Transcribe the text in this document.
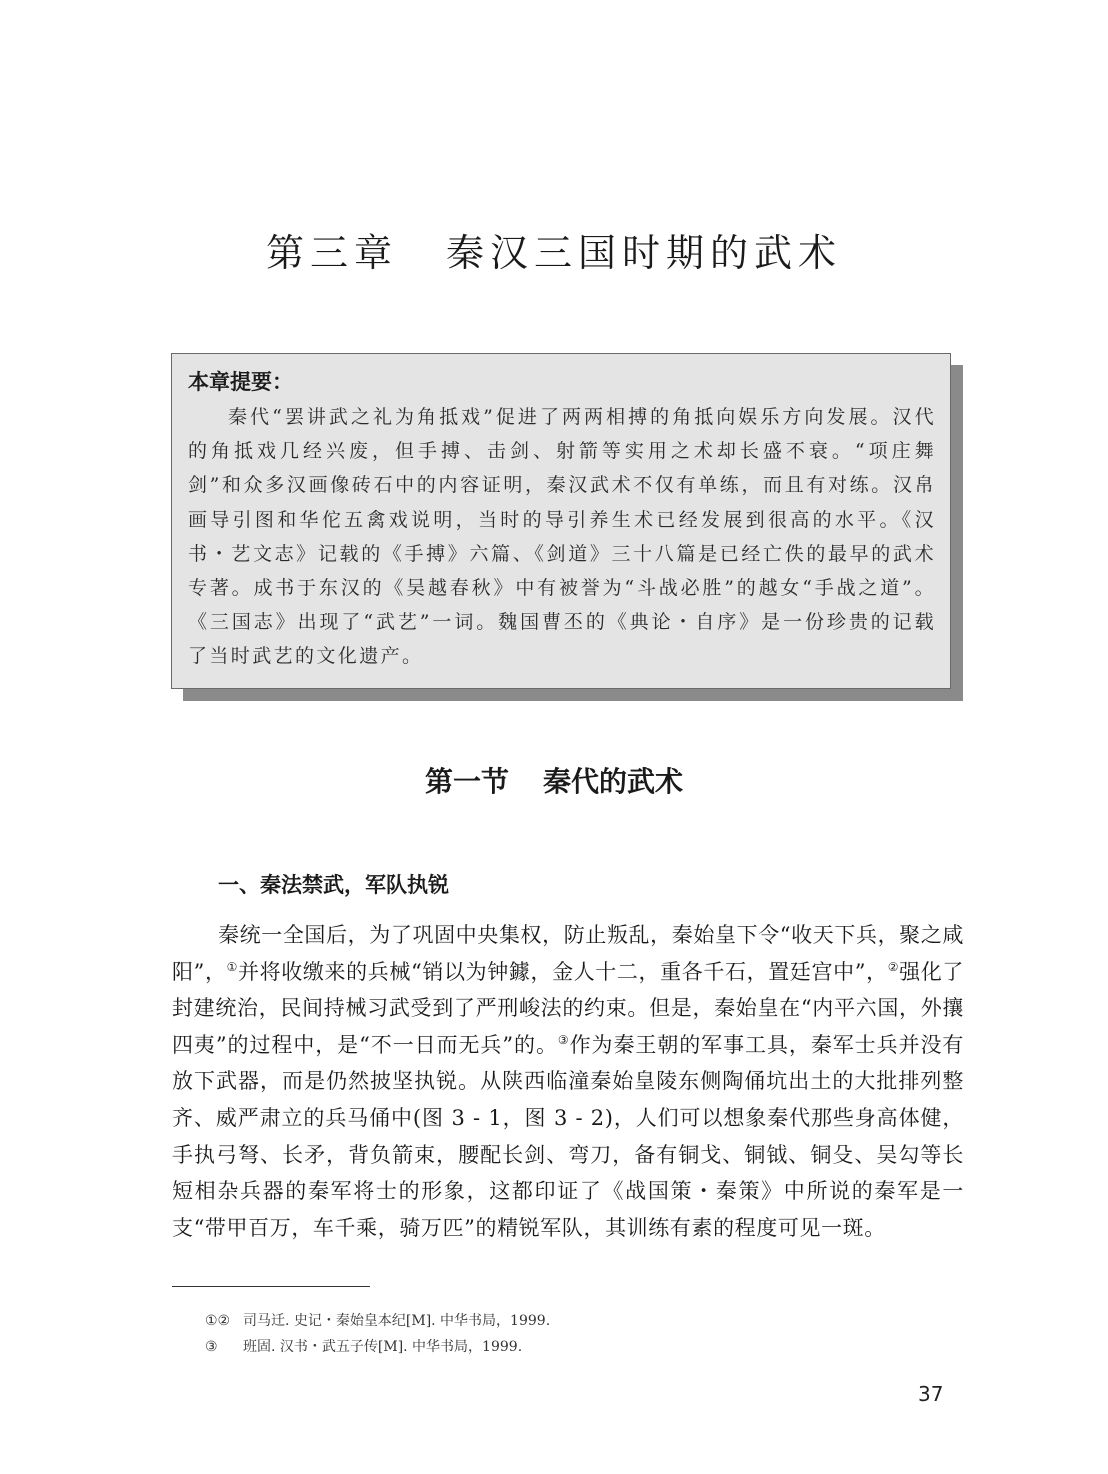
第三章 秦汉三国时期的武术
本章提要：

秦代“罢讲武之礼为角抵戏”促进了两两相搏的角抵向娱乐方向发展。汉代的角抵戏几经兴废，但手搏、击剑、射箭等实用之术却长盛不衰。“项庄舞剑”和众多汉画像砖石中的内容证明，秦汉武术不仅有单练，而且有对练。汉帛画导引图和华佗五禽戏说明，当时的导引养生术已经发展到很高的水平。《汉书・艺文志》记载的《手搏》六篇、《剑道》三十八篇是已经亡佚的最早的武术专著。成书于东汉的《吴越春秋》中有被誉为“斗战必胜”的越女“手战之道”。《三国志》出现了“武艺”一词。魏国曹丕的《典论・自序》是一份珍贵的记载了当时武艺的文化遗产。

第一节 秦代的武术
一、秦法禁武，军队执锐

秦统一全国后，为了巩固中央集权，防止叛乱，秦始皇下令“收天下兵，聚之咸阳”，①并将收缴来的兵械“销以为钟鐻，金人十二，重各千石，置廷宫中”，②强化了封建统治，民间持械习武受到了严刑峻法的约束。但是，秦始皇在“内平六国，外攘四夷”的过程中，是“不一日而无兵”的。③作为秦王朝的军事工具，秦军士兵并没有放下武器，而是仍然披坚执锐。从陕西临潼秦始皇陵东侧陶俑坑出土的大批排列整齐、威严肃立的兵马俑中(图 3 - 1，图 3 - 2)，人们可以想象秦代那些身高体健，手执弓弩、长矛，背负箭束，腰配长剑、弯刀，备有铜戈、铜钺、铜殳、吴勾等长短相杂兵器的秦军将士的形象，这都印证了《战国策・秦策》中所说的秦军是一支“带甲百万，车千乘，骑万匹”的精锐军队，其训练有素的程度可见一斑。

①② 司马迁. 史记・秦始皇本纪[M]. 中华书局，1999.
③ 班固. 汉书・武五子传[M]. 中华书局，1999.
37
